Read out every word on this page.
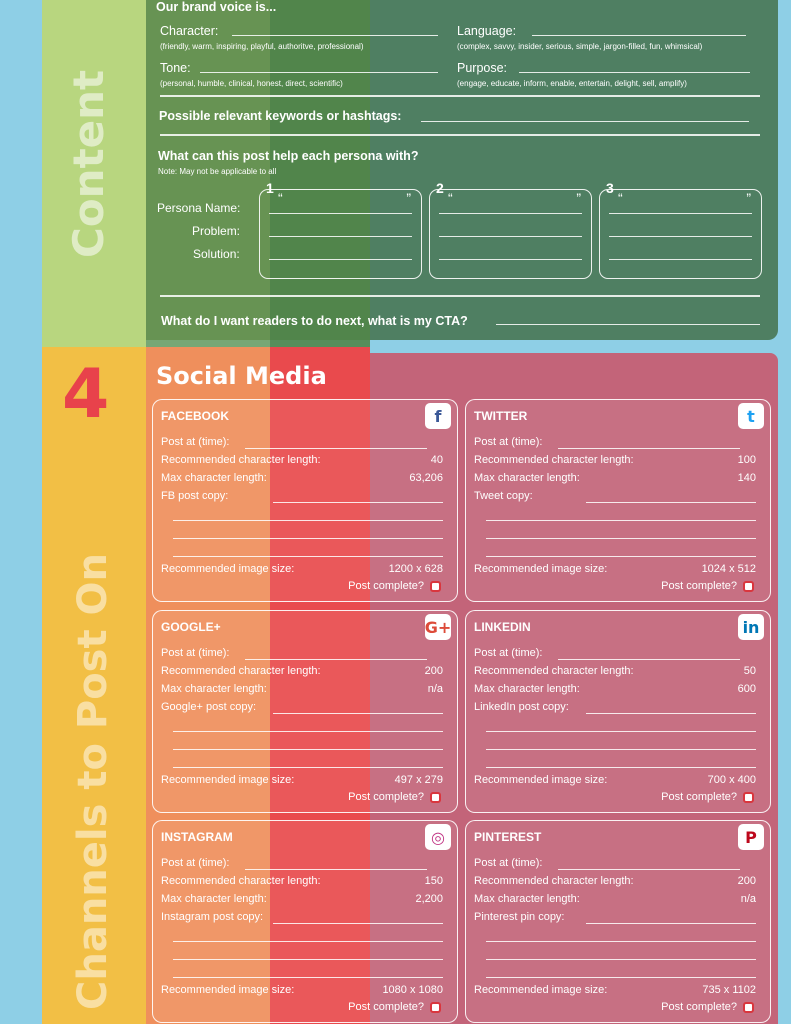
Content
Our brand voice is...
Character:
(friendly, warm, inspiring, playful, authoritve, professional)
Language:
(complex, savvy, insider, serious, simple, jargon-filled, fun, whimsical)
Tone:
(personal, humble, clinical, honest, direct, scientific)
Purpose:
(engage, educate, inform, enable, entertain, delight, sell, amplify)
Possible relevant keywords or hashtags:
What can this post help each persona with?
Note: May not be applicable to all
Persona Name:
Problem:
Solution:
1
“	”
2
“	”
3
“	”
What do I want readers to do next, what is my CTA?
4
Channels to Post On
Social Media
FACEBOOK	f
Post at (time):
Recommended character length:	40
Max character length:	63,206
FB post copy:
Recommended image size:	1200 x 628
Post complete?
TWITTER	t
Post at (time):
Recommended character length:	100
Max character length:	140
Tweet copy:
Recommended image size:	1024 x 512
Post complete?
GOOGLE+	G+
Post at (time):
Recommended character length:	200
Max character length:	n/a
Google+ post copy:
Recommended image size:	497 x 279
Post complete?
LINKEDIN	in
Post at (time):
Recommended character length:	50
Max character length:	600
LinkedIn post copy:
Recommended image size:	700 x 400
Post complete?
INSTAGRAM	◎
Post at (time):
Recommended character length:	150
Max character length:	2,200
Instagram post copy:
Recommended image size:	1080 x 1080
Post complete?
PINTEREST	P
Post at (time):
Recommended character length:	200
Max character length:	n/a
Pinterest pin copy:
Recommended image size:	735 x 1102
Post complete?
